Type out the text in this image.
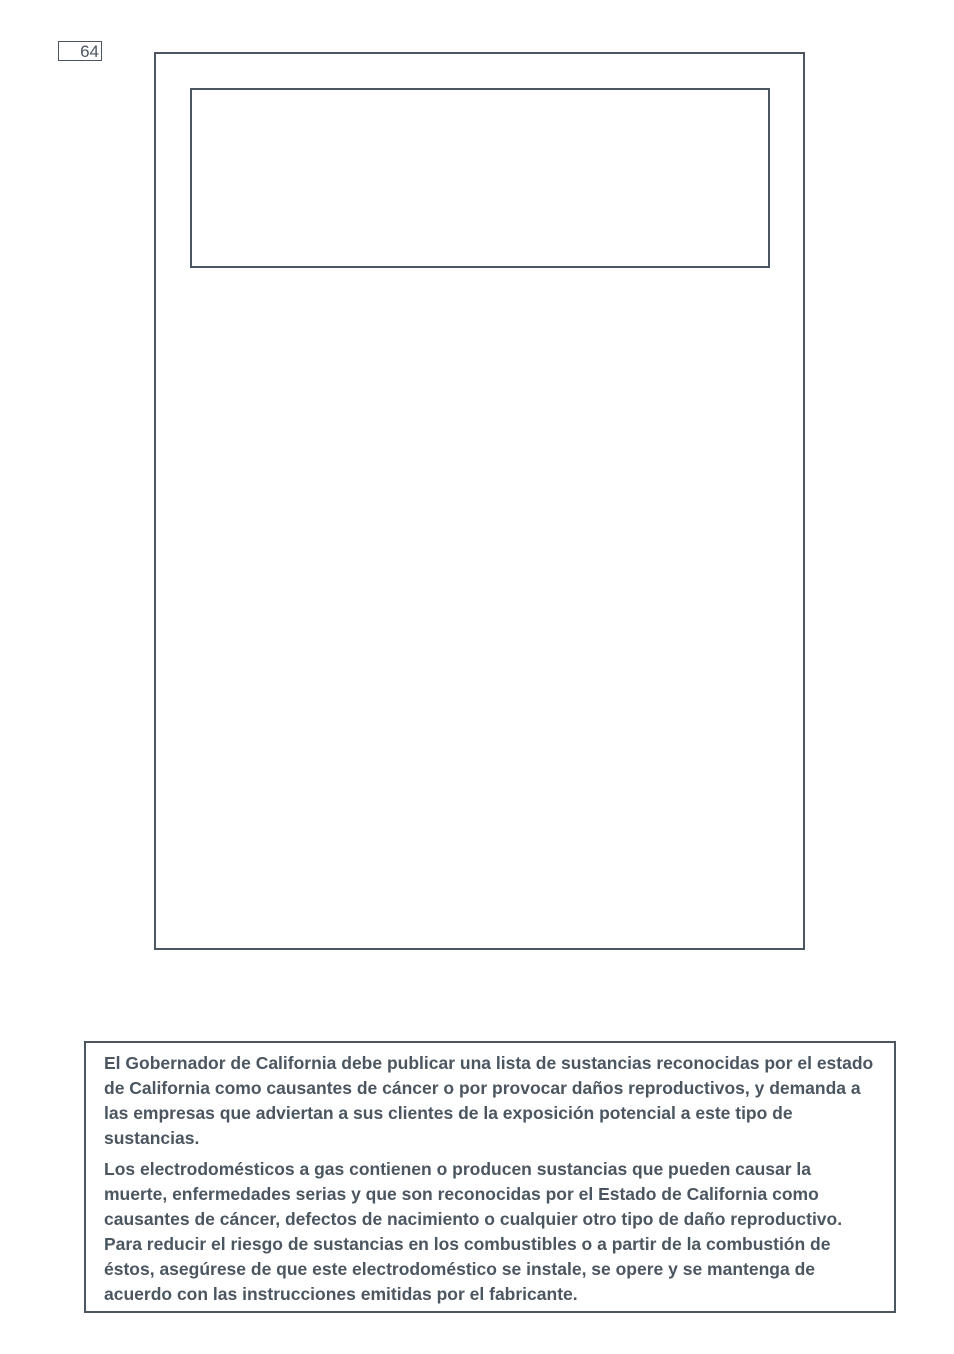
64

El Gobernador de California debe publicar una lista de sustancias reconocidas por el estado de California como causantes de cáncer o por provocar daños reproductivos, y demanda a las empresas que adviertan a sus clientes de la exposición potencial a este tipo de sustancias.

Los electrodomésticos a gas contienen o producen sustancias que pueden causar la muerte, enfermedades serias y que son reconocidas por el Estado de California como causantes de cáncer, defectos de nacimiento o cualquier otro tipo de daño reproductivo. Para reducir el riesgo de sustancias en los combustibles o a partir de la combustión de éstos, asegúrese de que este electrodoméstico se instale, se opere y se mantenga de acuerdo con las instrucciones emitidas por el fabricante.
